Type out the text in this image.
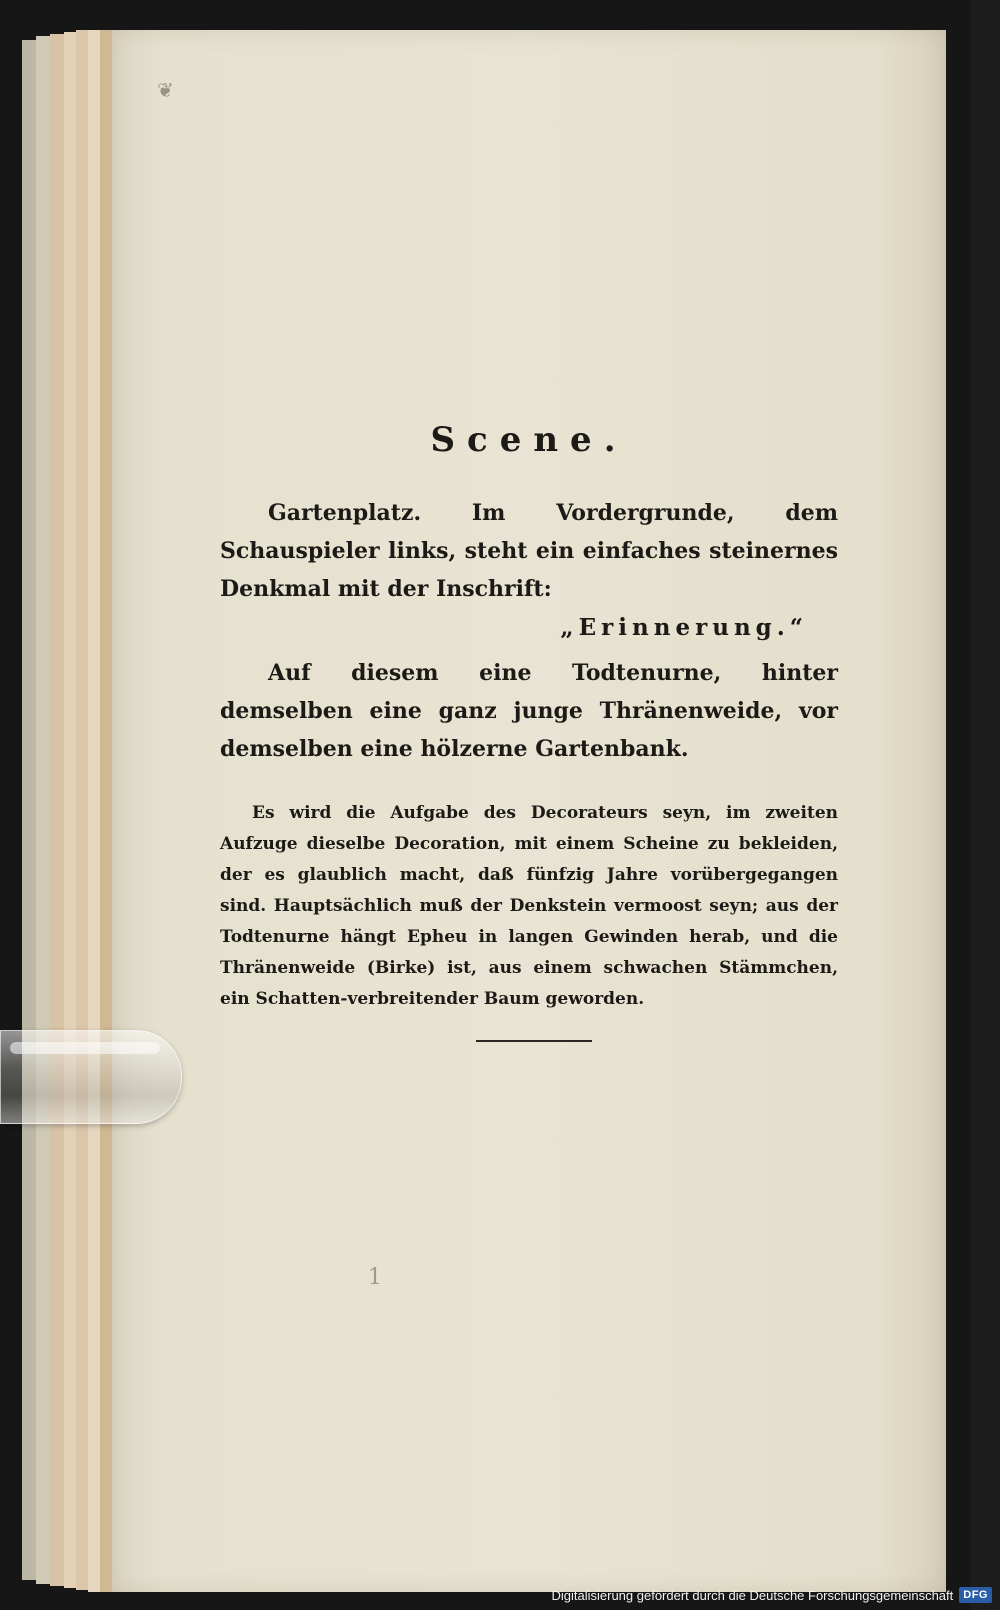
❦
Scene.

Gartenplatz. Im Vordergrunde, dem Schauspieler links, steht ein einfaches steinernes Denkmal mit der Inschrift:

„Erinnerung.“

Auf diesem eine Todtenurne, hinter demselben eine ganz junge Thränenweide, vor demselben eine hölzerne Gartenbank.

Es wird die Aufgabe des Decorateurs seyn, im zweiten Aufzuge dieselbe Decoration, mit einem Scheine zu bekleiden, der es glaublich macht, daß fünfzig Jahre vorübergegangen sind. Hauptsächlich muß der Denkstein vermoost seyn; aus der Todtenurne hängt Epheu in langen Gewinden herab, und die Thränenweide (Birke) ist, aus einem schwachen Stämmchen, ein Schatten-verbreitender Baum geworden.

1
Digitalisierung gefördert durch die Deutsche Forschungsgemeinschaft DFG
